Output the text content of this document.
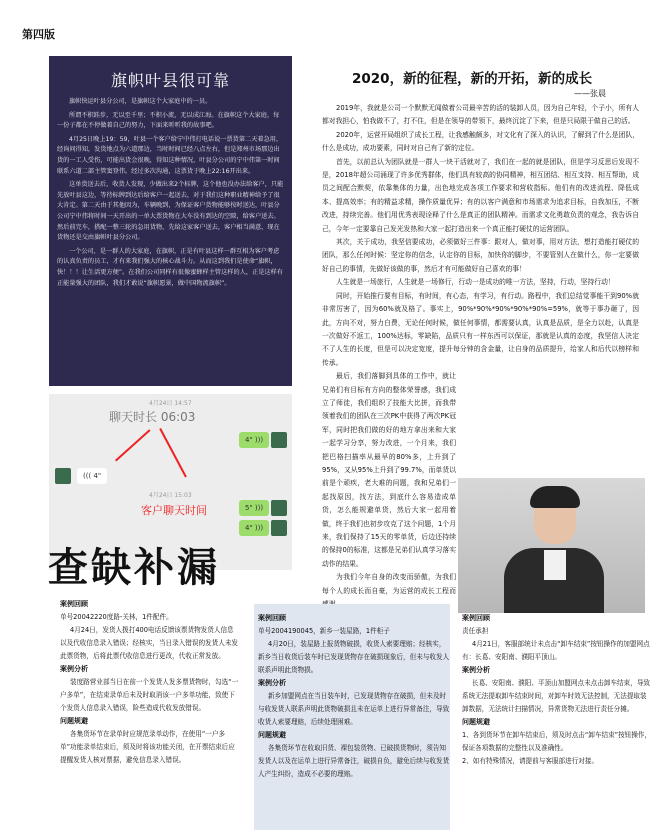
第四版
旗帜叶县很可靠

旗帜快运叶县分公司，是旗帜这个大家庭中的一员。

所谓不积跬步，无以至千里；不积小流，无以成江海。在旗帜这个大家庭，每一份子都在不停做着自己的努力，下面来听听我的故事吧。

4月25日晚上19：59，叶县一个客户给宁中伟打电话说一票货第二天着急用，经询问得知，发货地点为六道那边，当时时间已经八点左右，但是郑州市场那边出货的一工人受伤，可能出货会很晚，得知这种情况，叶县分公司的宁中伟第一时间联系六道二部主管窦登伟。经过多次沟通，这票货于晚上22:16开出来。

这单货送去后，收货人发现，少做出来2个标牌，这个他也没办法给客户，只能先放叶县这边，等待标牌到达后给客户一起送去，对于我们这种职业精神给予了很大肯定。第二天由于其他因为，车辆晚到，为保证客户货物能够按时送达，叶县分公司宁中伟将时间一天开出的一单大票货物在大车没有到达的空隙，给客户送去。然后前完车，搭配一整三轮的急用货物，先给这家客户送去，客户相当满意，现在货物还是交由旗帜叶县分公司。

一个公司，是一群人的大家庭，在旗帜，正是有叶县这样一群互相为客户考虑的认真负责的员工，才有来我们强大的核心战斗力。从而这到我们是使命“旗帜，快！！！让生活更方便”。在我们公司同样有很像蜜蜂样主管这样的人，正是这样有正能量强大的团队，我们才敢说“旗帜愿景，做中国物流旗帜”。

4月24日 14:57
聊天时长 06:03
4" )))
((( 4"
4月24日 15:03
5" )))
4" )))
客户聊天时间
查缺补漏
2020，新的征程，新的开拓，新的成长
——张晨

2019年，我就是公司一个默默无闻做着公司最辛苦的活的装卸人员，因为自己年轻，个子小，所有人都对我担心，怕我做不了，打不住，但是在领导的带领下，最终沉淀了下来，但是只局限于做自己的活。

2020年，运营开局组织了成长工程，让我感触颇多，对文化有了深入的认识，了解到了什么是团队，什么是成功，成功要素，同时对自己有了新的定位。

首先，以前总认为团队就是一群人一块干活就对了，我们在一起的就是团队，但是学习反思后发现不是，2018年超公司涌现了许多优秀群体，他们具有较高的协同精神，相互团结、相互支持、相互帮助，成员之间配合默契，依靠集体的力量，出色地完成各项工作要求和营收指标。他们有的改进流程、降低成本、提高效率；有的精益求精，操作质量优异；有的以客户满意和市场需求为追求目标，自我加压，不断改进，持续完善。他们用优秀表现诠释了什么是真正的团队精神。而需求文化勇敢负责的观念，我告诉自己，今年一定要靠自己发光发热和大家一起打造出来一个真正能打硬仗的运营团队。

其次，关于成功，我坚信要成功，必须做好三件事：跟对人，做对事，用对方法，想打造能打硬仗的团队，那么任何时候：坚定你的信念，认定你的目标，加快你的脚步，不要管别人在做什么，你一定要做好自己的事情，先做好该做的事，然后才有可能做好自己喜欢的事！

人生就是一场旅行，人生就是一场修行，行动一是成功的唯一方法，坚持，行动，坚持行动！

同时，开始推行要有目标，有时间，有心态，有学习，有行动。路程中，我们总结觉事能干到90%就非常厉害了，因为60%就及格了。事实上，90%*90%*90%*90%*90%=59%，就等于事办砸了，因此，方向不对，努力白费，无论任何时候，做任何事情，都需要认真，认真是品质，是全力以赴，认真是一次做好不返工，100%达标，零缺陷，品质只有一样东西可以保证，那就是认真的态度，我坚信人决定不了人生的长度，但是可以决定宽度，提升每分钟的含金量，让自身的品质提升，给家人和后代以榜样和传承。

最后，我们落脚到具体的工作中，就让兄弟们有目标有方向的整体荣誉感，我们成立了师徒，我们组织了技能大比拼，而我带领着我们的团队在三次PK中获得了两次PK冠军，同时把我们做的好的地方拿出来和大家一起学习分享，努力改进，一个月来，我们把巴格扫描率从最早的80%多，上升到了95%，又从95%上升到了99.7%，而单货以前是个顽疾，老大难的问题，我和兄弟们一起找原因，找方法，到底什么容易造成单货，怎么能规避单货，然后大家一起用着做，终于我们也初步攻克了这个问题，1个月来，我们保持了15天的零单货，后边还持续的保持0的标准，这都是兄弟们认真学习落实动作的结果。

为我们今年自身的改变而骄傲，为我们每个人的成长而自豪，为运营的成长工程而

案例回顾
单号20042220度路-关林，1件配件。

4月24日，发货人拨打400电话反馈该票货物发货人信息以及代收信息录入错误；经核实，当日录入错误的发货人未发此票货物，后将此票代收信息进行更改，代收正常发放。

案例分析

装度路营业部当日在前一个发货人发多票货物时，勾选“一户多单”，在结束录单后未及时取消该一户多单功能，致使下个发货人信息录入错误，险些造成代收发放错误。

问题规避

各集货环节在录单时应规范录单动作，在使用“一户多单”功能录单结束后，须及时将该功能关闭，在开票结束后应提醒发货人核对票据，避免信息录入错误。

案例回顾
单号2004190045，新乡一装屋路，1件柜子

4月20日，装屋路上报货物破损，收货人索要理赔；经核实，新乡当日收货后装车时已发现货物存在破损现象后，但未与收发人联系声明此货物损。

案例分析

新乡加盟网点在当日装车时，已发现货物存在破损，但未及时与收发货人联系声明此货物破损且未在运单上进行异常备注，导致收货人索要理赔，后续处理困难。

问题规避

各集货环节在收取旧货、裸包装货物、已破损货物时，须告知发货人以及在运单上进行异常备注，破损自负，避免后续与收发货人产生纠纷，造成不必要的理赔。

案例回顾
责任承担

4月21日，客服部统计未点击“卸车结束”按钮操作的加盟网点有：长葛、安阳南、濮阳平顶山。

案例分析

长葛、安阳南、濮阳、平顶山加盟网点未点击卸车结束，导致系统无法提取卸车结束时间，对卸车时效无法控制，无法提取装卸数据，无法统计扫描情况，异常货物无法进行责任分摊。

问题规避
1、各到货环节在卸车结束后，须及时点击“卸车结束”按钮操作，保证各项数据的完整性以及准确性。
2、如有特殊情况，请提前与客服部进行对接。
